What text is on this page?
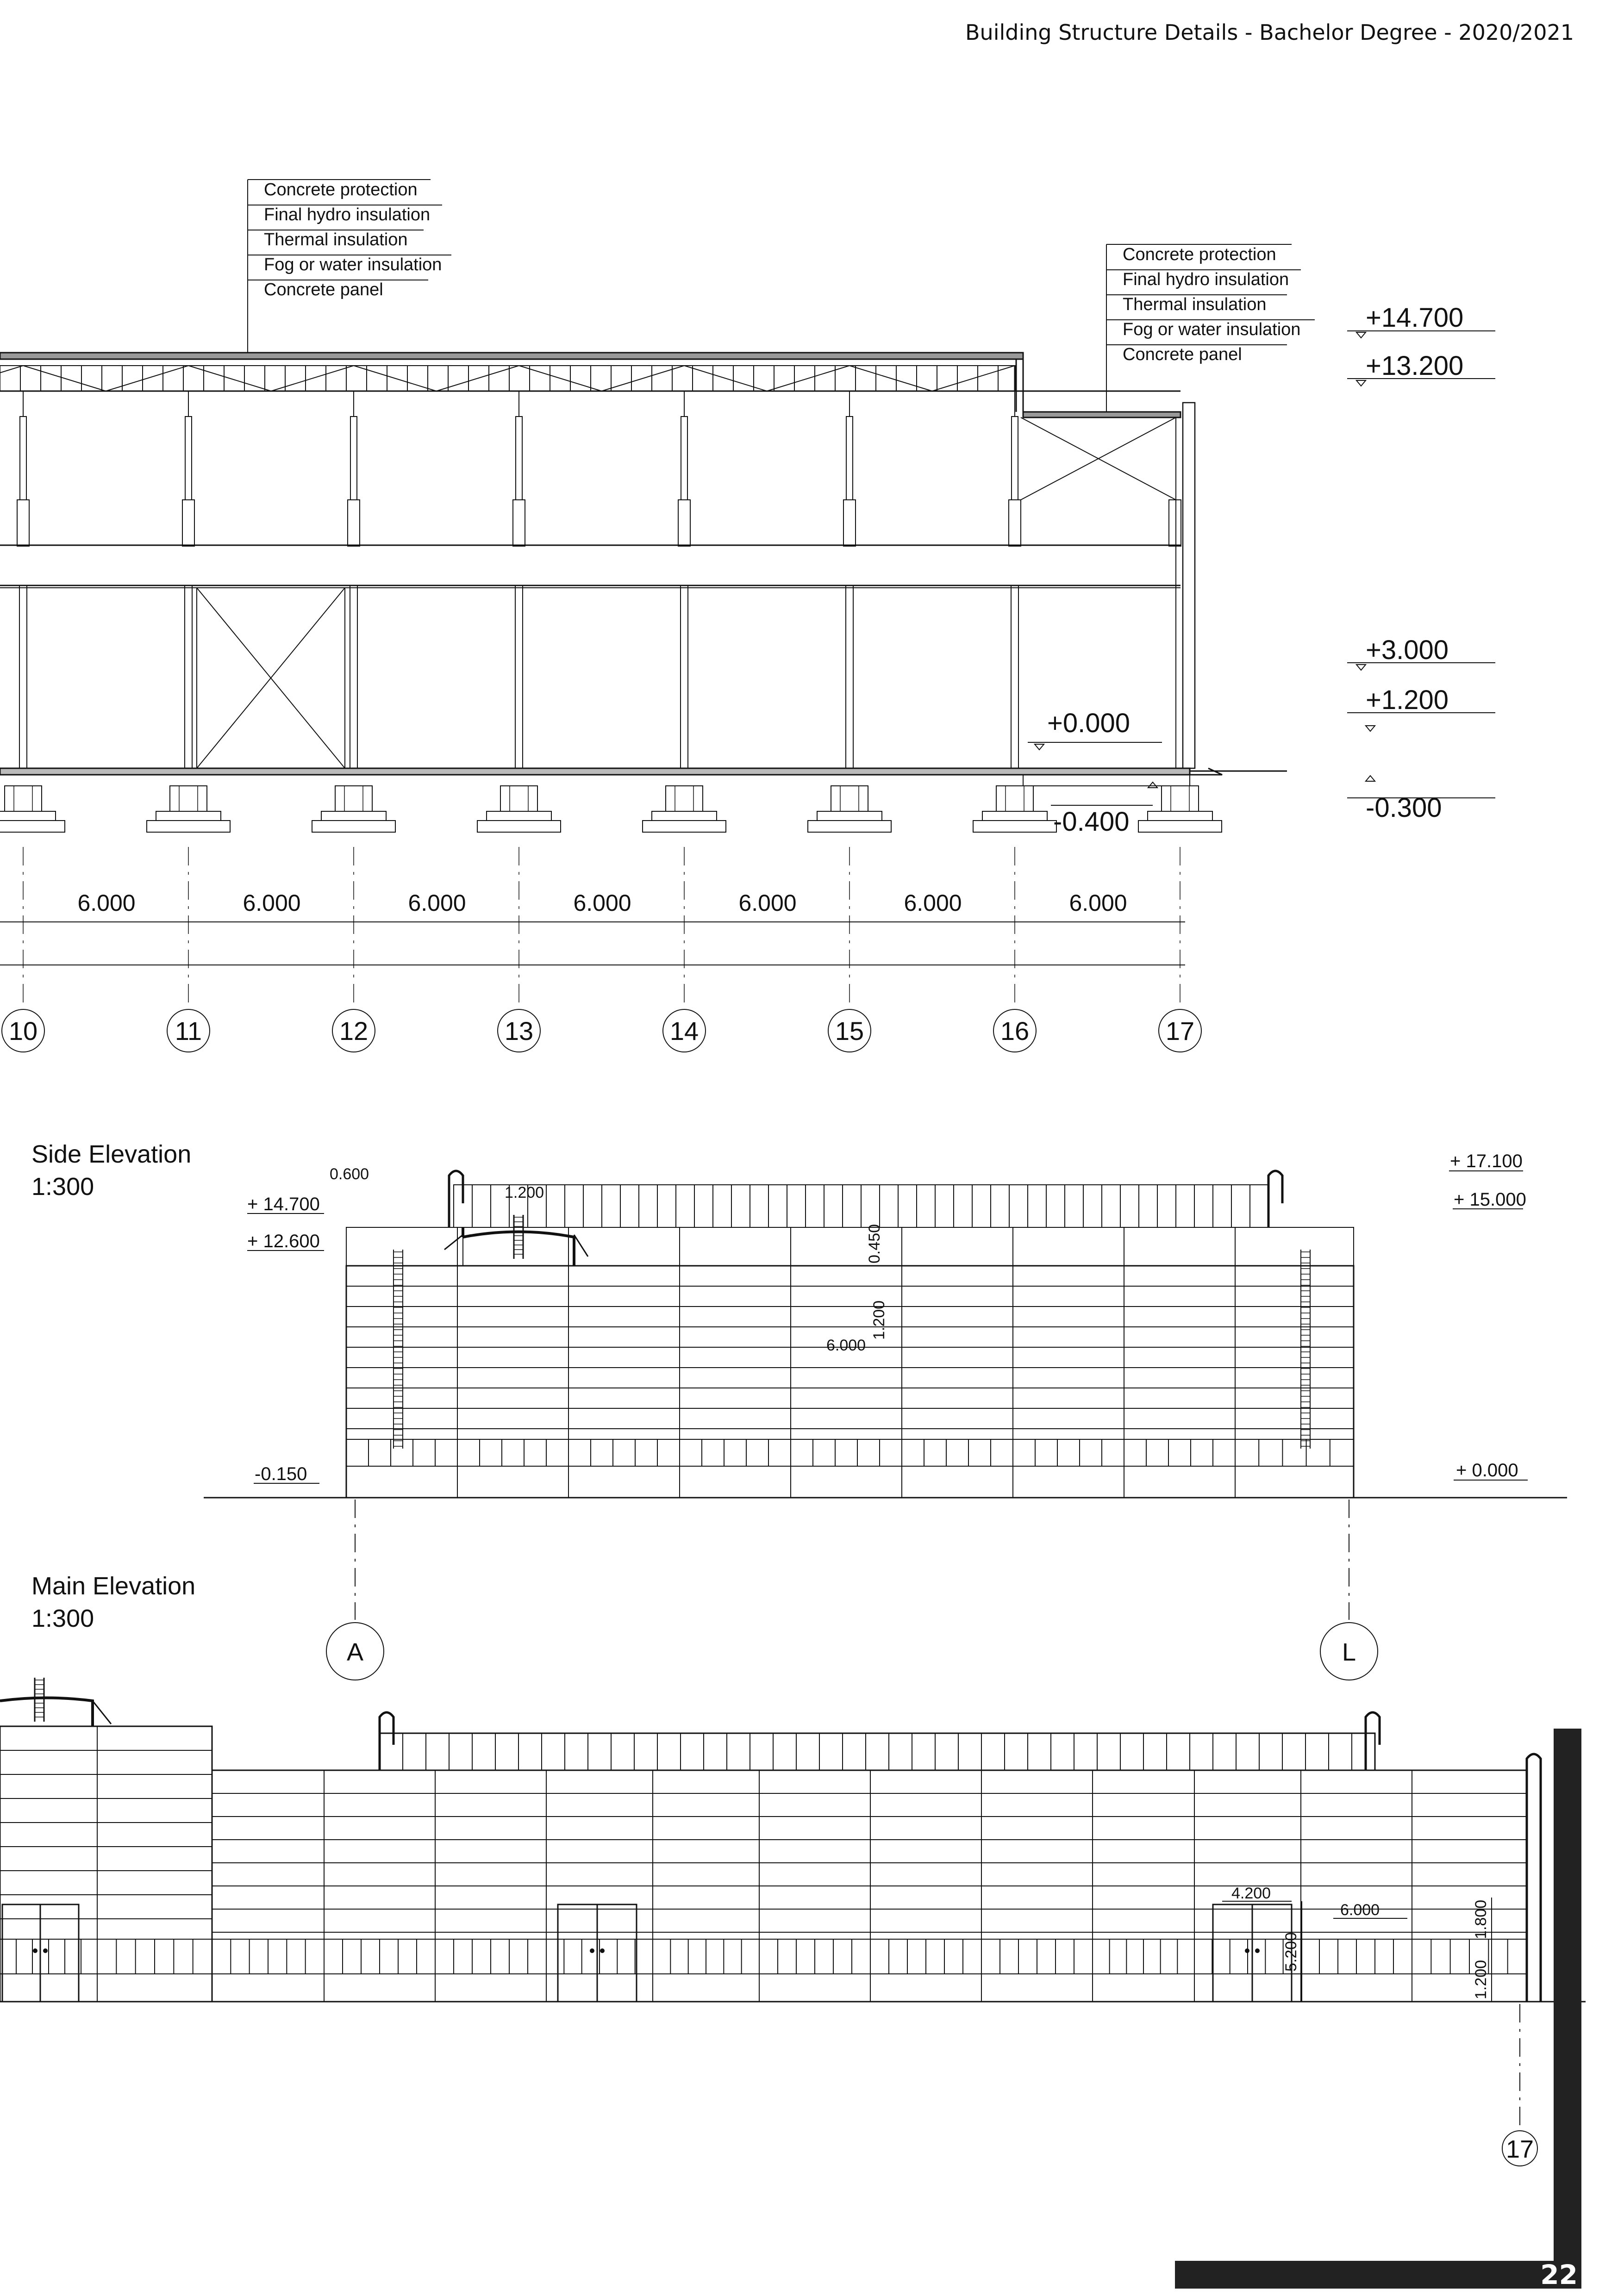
Building Structure Details - Bachelor Degree - 2020/2021
Concrete protection
Final hydro insulation
Thermal insulation
Fog or water insulation
Concrete panel
Concrete protection
Final hydro insulation
Thermal insulation
Fog or water insulation
Concrete panel
+14.700
+13.200
+3.000
+1.200
-0.300
+0.000
-0.400
6.000	6.000	6.000	6.000	6.000	6.000	6.000
10	11	12	13	14	15	16	17
Side Elevation
1:300	0.600
1.200
0.450
1.200
6.000
+ 14.700
+ 12.600
-0.150
+ 17.100
+ 15.000
+ 0.000
A	L
Main Elevation
1:300
4.200
6.000
5.200
1.800
1.200
17
22
